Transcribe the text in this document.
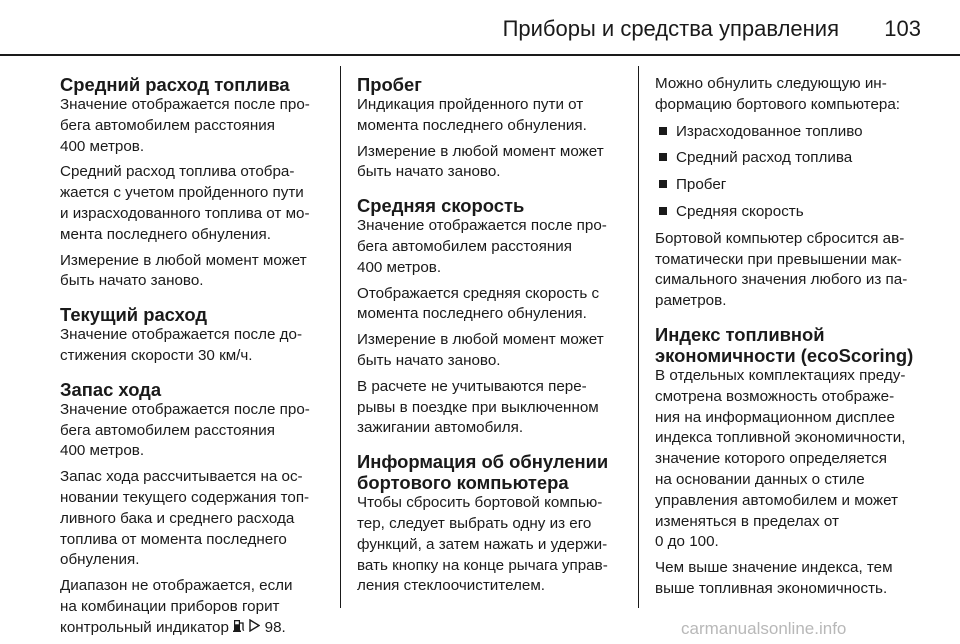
Приборы и средства управления 103
Средний расход топлива

Значение отображается после про-
бега автомобилем расстояния
400 метров.

Средний расход топлива отобра-
жается с учетом пройденного пути
и израсходованного топлива от мо-
мента последнего обнуления.

Измерение в любой момент может
быть начато заново.

Текущий расход

Значение отображается после до-
стижения скорости 30 км/ч.

Запас хода

Значение отображается после про-
бега автомобилем расстояния
400 метров.

Запас хода рассчитывается на ос-
новании текущего содержания топ-
ливного бака и среднего расхода
топлива от момента последнего
обнуления.

Диапазон не отображается, если
на комбинации приборов горит
контрольный индикатор 98.

Пробег

Индикация пройденного пути от
момента последнего обнуления.

Измерение в любой момент может
быть начато заново.

Средняя скорость

Значение отображается после про-
бега автомобилем расстояния
400 метров.

Отображается средняя скорость с
момента последнего обнуления.

Измерение в любой момент может
быть начато заново.

В расчете не учитываются пере-
рывы в поездке при выключенном
зажигании автомобиля.

Информация об обнулении
бортового компьютера

Чтобы сбросить бортовой компью-
тер, следует выбрать одну из его
функций, а затем нажать и удержи-
вать кнопку на конце рычага управ-
ления стеклоочистителем.

Можно обнулить следующую ин-
формацию бортового компьютера:

Израсходованное топливо
Средний расход топлива
Пробег
Средняя скорость

Бортовой компьютер сбросится ав-
томатически при превышении мак-
симального значения любого из па-
раметров.

Индекс топливной
экономичности (ecoScoring)

В отдельных комплектациях преду-
смотрена возможность отображе-
ния на информационном дисплее
индекса топливной экономичности,
значение которого определяется
на основании данных о стиле
управления автомобилем и может
изменяться в пределах от
0 до 100.

Чем выше значение индекса, тем
выше топливная экономичность.

carmanualsonline.info
